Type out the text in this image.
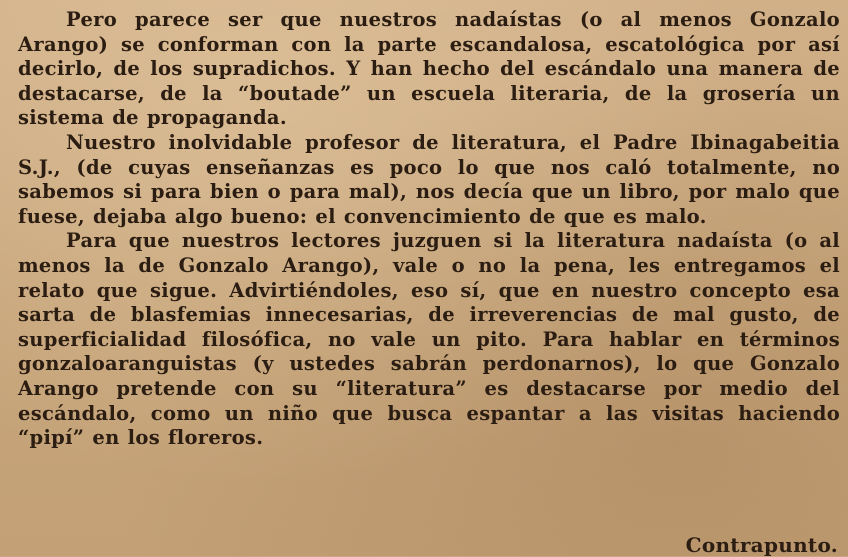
Pero parece ser que nuestros nadaístas (o al menos Gonzalo Arango) se conforman con la parte escandalosa, escatológica por así decirlo, de los supradichos. Y han hecho del escándalo una manera de destacarse, de la “boutade” un escuela literaria, de la grosería un sistema de propaganda.

Nuestro inolvidable profesor de literatura, el Padre Ibinagabeitia S.J., (de cuyas enseñanzas es poco lo que nos caló totalmente, no sabemos si para bien o para mal), nos decía que un libro, por malo que fuese, dejaba algo bueno: el convencimiento de que es malo.

Para que nuestros lectores juzguen si la literatura nadaísta (o al menos la de Gonzalo Arango), vale o no la pena, les entregamos el relato que sigue. Advirtiéndoles, eso sí, que en nuestro concepto esa sarta de blasfemias innecesarias, de irreverencias de mal gusto, de superficialidad filosófica, no vale un pito. Para hablar en términos gonzaloaranguistas (y ustedes sabrán perdonarnos), lo que Gonzalo Arango pretende con su “literatura” es destacarse por medio del escándalo, como un niño que busca espantar a las visitas haciendo “pipí” en los floreros.

Contrapunto.
